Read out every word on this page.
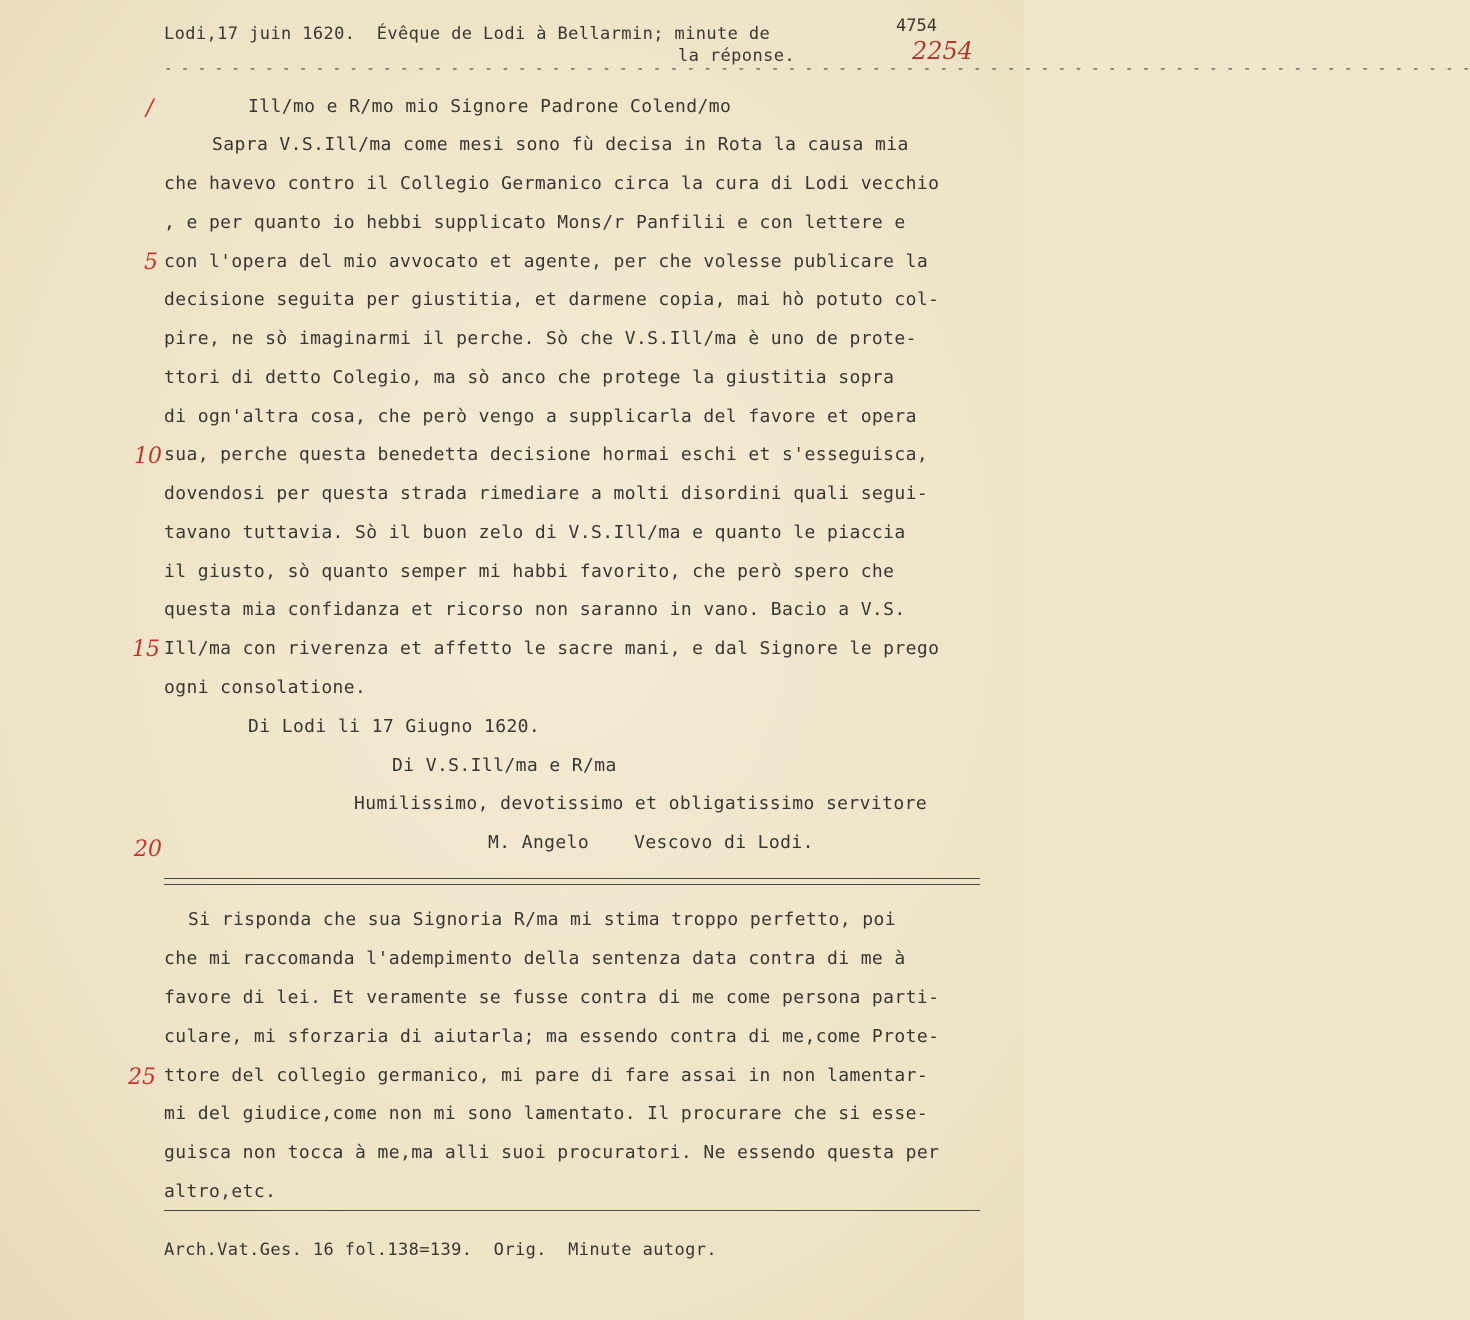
Lodi,17 juin 1620.  Évêque de Lodi à Bellarmin; minute de
la réponse.
4754
2254
- - - - - - - - - - - - - - - - - - - - - - - - - - - - - - - - - - - - - - - - - - - - - - - - - - - - - - - - - - - - - - - - - - - - - - - - - - - - - -
Ill/mo e R/mo mio Signore Padrone Colend/mo
Sapra V.S.Ill/ma come mesi sono fù decisa in Rota la causa mia
che havevo contro il Collegio Germanico circa la cura di Lodi vecchio
, e per quanto io hebbi supplicato Mons/r Panfilii e con lettere e
con l'opera del mio avvocato et agente, per che volesse publicare la
decisione seguita per giustitia, et darmene copia, mai hò potuto col-
pire, ne sò imaginarmi il perche. Sò che V.S.Ill/ma è uno de prote-
ttori di detto Colegio, ma sò anco che protege la giustitia sopra
di ogn'altra cosa, che però vengo a supplicarla del favore et opera
sua, perche questa benedetta decisione hormai eschi et s'esseguisca,
dovendosi per questa strada rimediare a molti disordini quali segui-
tavano tuttavia. Sò il buon zelo di V.S.Ill/ma e quanto le piaccia
il giusto, sò quanto semper mi habbi favorito, che però spero che
questa mia confidanza et ricorso non saranno in vano. Bacio a V.S.
Ill/ma con riverenza et affetto le sacre mani, e dal Signore le prego
ogni consolatione.
Di Lodi li 17 Giugno 1620.
Di V.S.Ill/ma e R/ma
Humilissimo, devotissimo et obligatissimo servitore
M. Angelo    Vescovo di Lodi.
/
5
10
15
20
25
Si risponda che sua Signoria R/ma mi stima troppo perfetto, poi
che mi raccomanda l'adempimento della sentenza data contra di me à
favore di lei. Et veramente se fusse contra di me come persona parti-
culare, mi sforzaria di aiutarla; ma essendo contra di me,come Prote-
ttore del collegio germanico, mi pare di fare assai in non lamentar-
mi del giudice,come non mi sono lamentato. Il procurare che si esse-
guisca non tocca à me,ma alli suoi procuratori. Ne essendo questa per
altro,etc.
Arch.Vat.Ges. 16 fol.138=139.  Orig.  Minute autogr.
